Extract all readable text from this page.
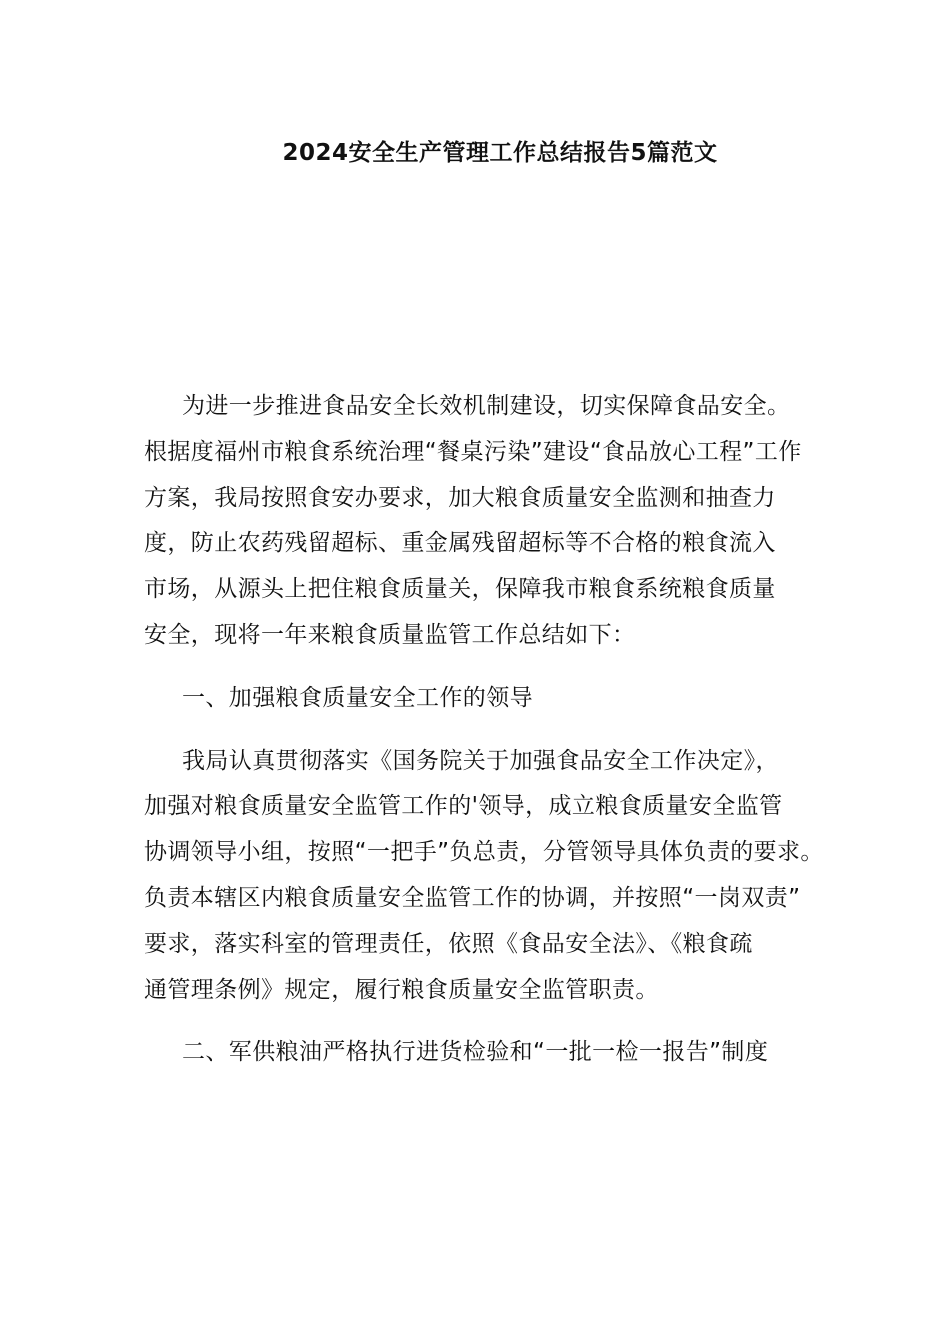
2024安全生产管理工作总结报告5篇范文
为进一步推进食品安全长效机制建设，切实保障食品安全。
根据度福州市粮食系统治理“餐桌污染”建设“食品放心工程”工作
方案，我局按照食安办要求，加大粮食质量安全监测和抽查力
度，防止农药残留超标、重金属残留超标等不合格的粮食流入
市场，从源头上把住粮食质量关，保障我市粮食系统粮食质量
安全，现将一年来粮食质量监管工作总结如下：
一、加强粮食质量安全工作的领导
我局认真贯彻落实《国务院关于加强食品安全工作决定》，
加强对粮食质量安全监管工作的'领导，成立粮食质量安全监管
协调领导小组，按照“一把手”负总责，分管领导具体负责的要求。
负责本辖区内粮食质量安全监管工作的协调，并按照“一岗双责”
要求，落实科室的管理责任，依照《食品安全法》、《粮食疏
通管理条例》规定，履行粮食质量安全监管职责。
二、军供粮油严格执行进货检验和“一批一检一报告”制度
